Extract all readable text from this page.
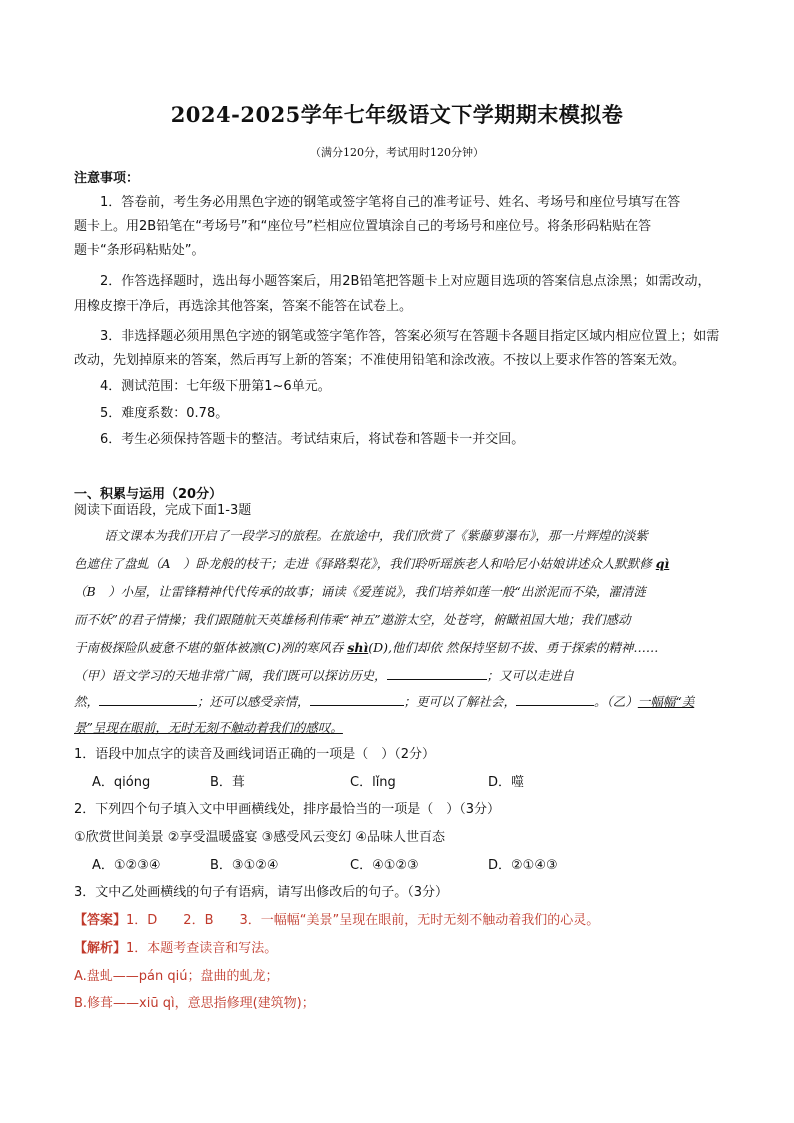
2024-2025学年七年级语文下学期期末模拟卷
（满分120分，考试用时120分钟）
注意事项：
1．答卷前，考生务必用黑色字迹的钢笔或签字笔将自己的准考证号、姓名、考场号和座位号填写在答
题卡上。用2B铅笔在“考场号”和“座位号”栏相应位置填涂自己的考场号和座位号。将条形码粘贴在答
题卡“条形码粘贴处”。
2．作答选择题时，选出每小题答案后，用2B铅笔把答题卡上对应题目选项的答案信息点涂黑；如需改动，
用橡皮擦干净后，再选涂其他答案，答案不能答在试卷上。
3．非选择题必须用黑色字迹的钢笔或签字笔作答，答案必须写在答题卡各题目指定区域内相应位置上；如需
改动，先划掉原来的答案，然后再写上新的答案；不准使用铅笔和涂改液。不按以上要求作答的答案无效。
4．测试范围：七年级下册第1~6单元。
5．难度系数：0.78。
6．考生必须保持答题卡的整洁。考试结束后，将试卷和答题卡一并交回。
一、积累与运用（20分）
阅读下面语段，完成下面1-3题
语文课本为我们开启了一段学习的旅程。在旅途中，我们欣赏了《紫藤萝瀑布》，那一片辉煌的淡紫
色遮住了盘虬（A　）卧龙般的枝干；走进《驿路梨花》，我们聆听瑶族老人和哈尼小姑娘讲述众人默默修 qì
（B　）小屋，让雷锋精神代代传承的故事；诵读《爱莲说》，我们培养如莲一般“出淤泥而不染，濯清涟
而不妖”的君子情操；我们跟随航天英雄杨利伟乘“神五”遨游太空，处苍穹，俯瞰祖国大地；我们感动
于南极探险队疲惫不堪的躯体被凛(C)冽的寒风吞 shì(D),他们却依 然保持坚韧不拔、勇于探索的精神……
（甲）语文学习的天地非常广阔，我们既可以探访历史，	；又可以走进自
然，	；还可以感受亲情，	；更可以了解社会，	。（乙）一幅幅“美
景”呈现在眼前，无时无刻不触动着我们的感叹。
1．语段中加点字的读音及画线词语正确的一项是（　）（2分）
A．qióng	B．葺	C．lǐng	D．噬
2．下列四个句子填入文中甲画横线处，排序最恰当的一项是（　）（3分）
①欣赏世间美景 ②享受温暖盛宴 ③感受风云变幻 ④品味人世百态
A．①②③④	B．③①②④	C．④①②③	D．②①④③
3．文中乙处画横线的句子有语病，请写出修改后的句子。（3分）
【答案】1．D　　2．B　　3．一幅幅“美景”呈现在眼前，无时无刻不触动着我们的心灵。
【解析】1．本题考查读音和写法。
A.盘虬——pán qiú；盘曲的虬龙；
B.修葺——xiū qì，意思指修理(建筑物)；
